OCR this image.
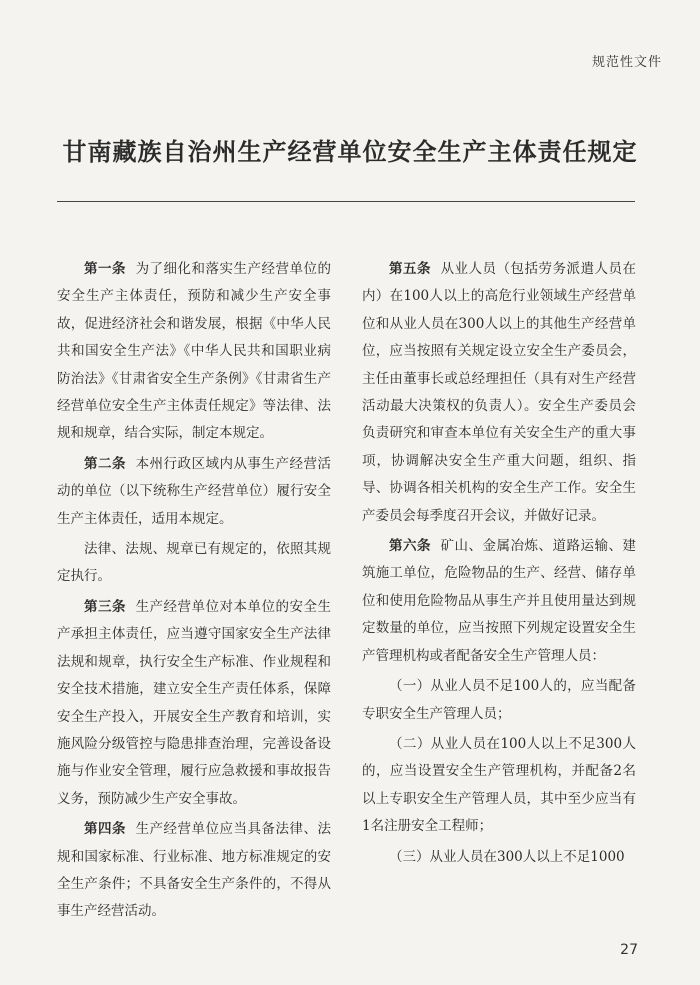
规范性文件
甘南藏族自治州生产经营单位安全生产主体责任规定

第一条 为了细化和落实生产经营单位的安全生产主体责任，预防和减少生产安全事故，促进经济社会和谐发展，根据《中华人民共和国安全生产法》《中华人民共和国职业病防治法》《甘肃省安全生产条例》《甘肃省生产经营单位安全生产主体责任规定》等法律、法规和规章，结合实际，制定本规定。

第二条 本州行政区域内从事生产经营活动的单位（以下统称生产经营单位）履行安全生产主体责任，适用本规定。

法律、法规、规章已有规定的，依照其规定执行。

第三条 生产经营单位对本单位的安全生产承担主体责任，应当遵守国家安全生产法律法规和规章，执行安全生产标准、作业规程和安全技术措施，建立安全生产责任体系，保障安全生产投入，开展安全生产教育和培训，实施风险分级管控与隐患排查治理，完善设备设施与作业安全管理，履行应急救援和事故报告义务，预防减少生产安全事故。

第四条 生产经营单位应当具备法律、法规和国家标准、行业标准、地方标准规定的安全生产条件；不具备安全生产条件的，不得从事生产经营活动。

第五条 从业人员（包括劳务派遣人员在内）在100人以上的高危行业领域生产经营单位和从业人员在300人以上的其他生产经营单位，应当按照有关规定设立安全生产委员会，主任由董事长或总经理担任（具有对生产经营活动最大决策权的负责人）。安全生产委员会负责研究和审查本单位有关安全生产的重大事项，协调解决安全生产重大问题，组织、指导、协调各相关机构的安全生产工作。安全生产委员会每季度召开会议，并做好记录。

第六条 矿山、金属冶炼、道路运输、建筑施工单位，危险物品的生产、经营、储存单位和使用危险物品从事生产并且使用量达到规定数量的单位，应当按照下列规定设置安全生产管理机构或者配备安全生产管理人员：

（一）从业人员不足100人的，应当配备专职安全生产管理人员；

（二）从业人员在100人以上不足300人的，应当设置安全生产管理机构，并配备2名以上专职安全生产管理人员，其中至少应当有1名注册安全工程师；

（三）从业人员在300人以上不足1000

27
